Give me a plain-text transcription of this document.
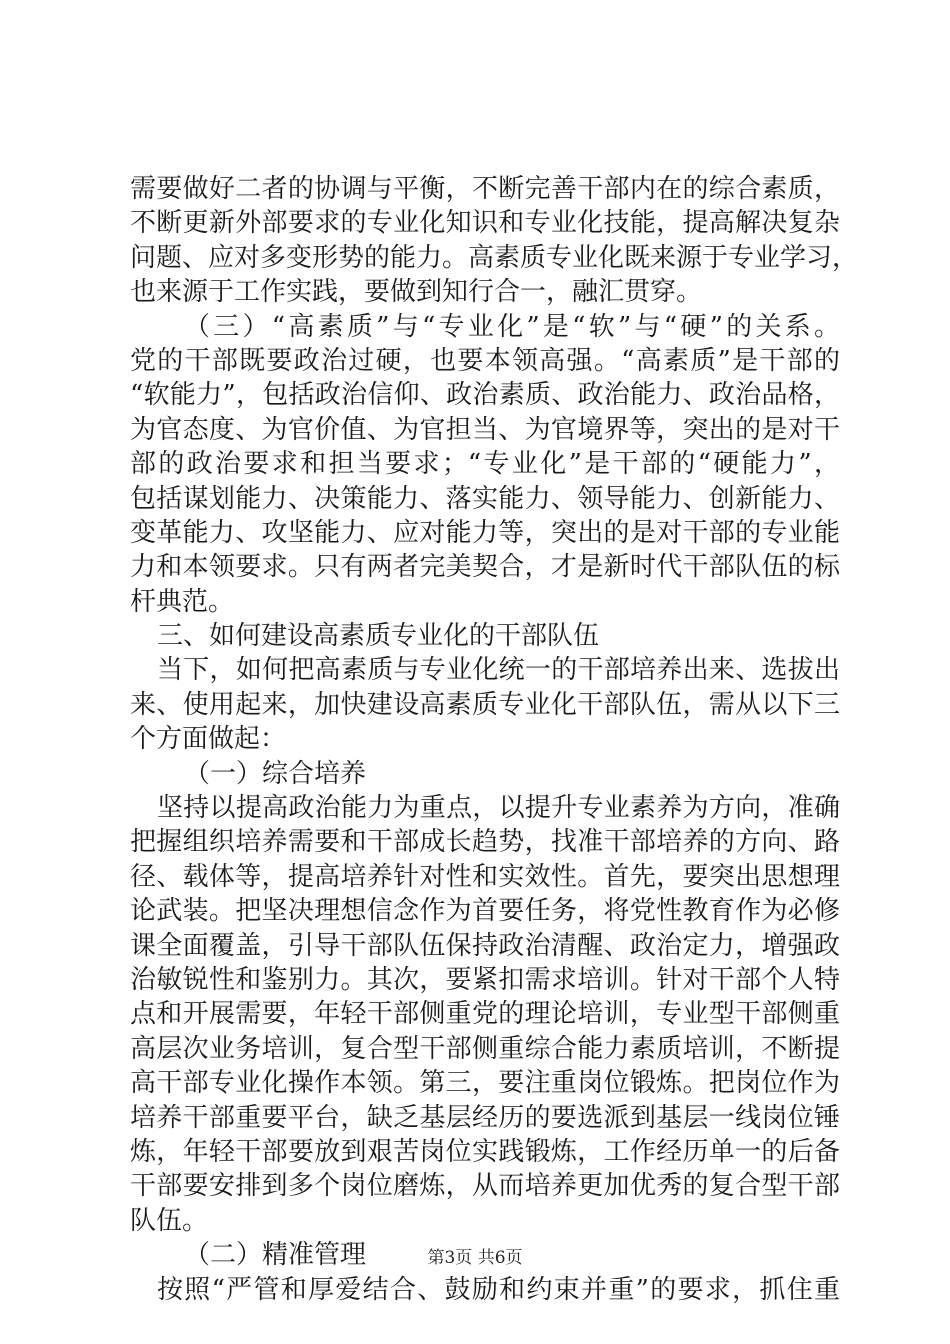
需要做好二者的协调与平衡，不断完善干部内在的综合素质，
不断更新外部要求的专业化知识和专业化技能，提高解决复杂
问题、应对多变形势的能力。高素质专业化既来源于专业学习，
也来源于工作实践，要做到知行合一，融汇贯穿。
（三）“高素质”与“专业化”是“软”与“硬”的关系。
党的干部既要政治过硬，也要本领高强。“高素质”是干部的
“软能力”，包括政治信仰、政治素质、政治能力、政治品格，
为官态度、为官价值、为官担当、为官境界等，突出的是对干
部的政治要求和担当要求；“专业化”是干部的“硬能力”，
包括谋划能力、决策能力、落实能力、领导能力、创新能力、
变革能力、攻坚能力、应对能力等，突出的是对干部的专业能
力和本领要求。只有两者完美契合，才是新时代干部队伍的标
杆典范。
三、如何建设高素质专业化的干部队伍
当下，如何把高素质与专业化统一的干部培养出来、选拔出
来、使用起来，加快建设高素质专业化干部队伍，需从以下三
个方面做起：
（一）综合培养
坚持以提高政治能力为重点，以提升专业素养为方向，准确
把握组织培养需要和干部成长趋势，找准干部培养的方向、路
径、载体等，提高培养针对性和实效性。首先，要突出思想理
论武装。把坚决理想信念作为首要任务，将党性教育作为必修
课全面覆盖，引导干部队伍保持政治清醒、政治定力，增强政
治敏锐性和鉴别力。其次，要紧扣需求培训。针对干部个人特
点和开展需要，年轻干部侧重党的理论培训，专业型干部侧重
高层次业务培训，复合型干部侧重综合能力素质培训，不断提
高干部专业化操作本领。第三，要注重岗位锻炼。把岗位作为
培养干部重要平台，缺乏基层经历的要选派到基层一线岗位锤
炼，年轻干部要放到艰苦岗位实践锻炼，工作经历单一的后备
干部要安排到多个岗位磨炼，从而培养更加优秀的复合型干部
队伍。
（二）精准管理
按照“严管和厚爱结合、鼓励和约束并重”的要求，抓住重
第3页 共6页
